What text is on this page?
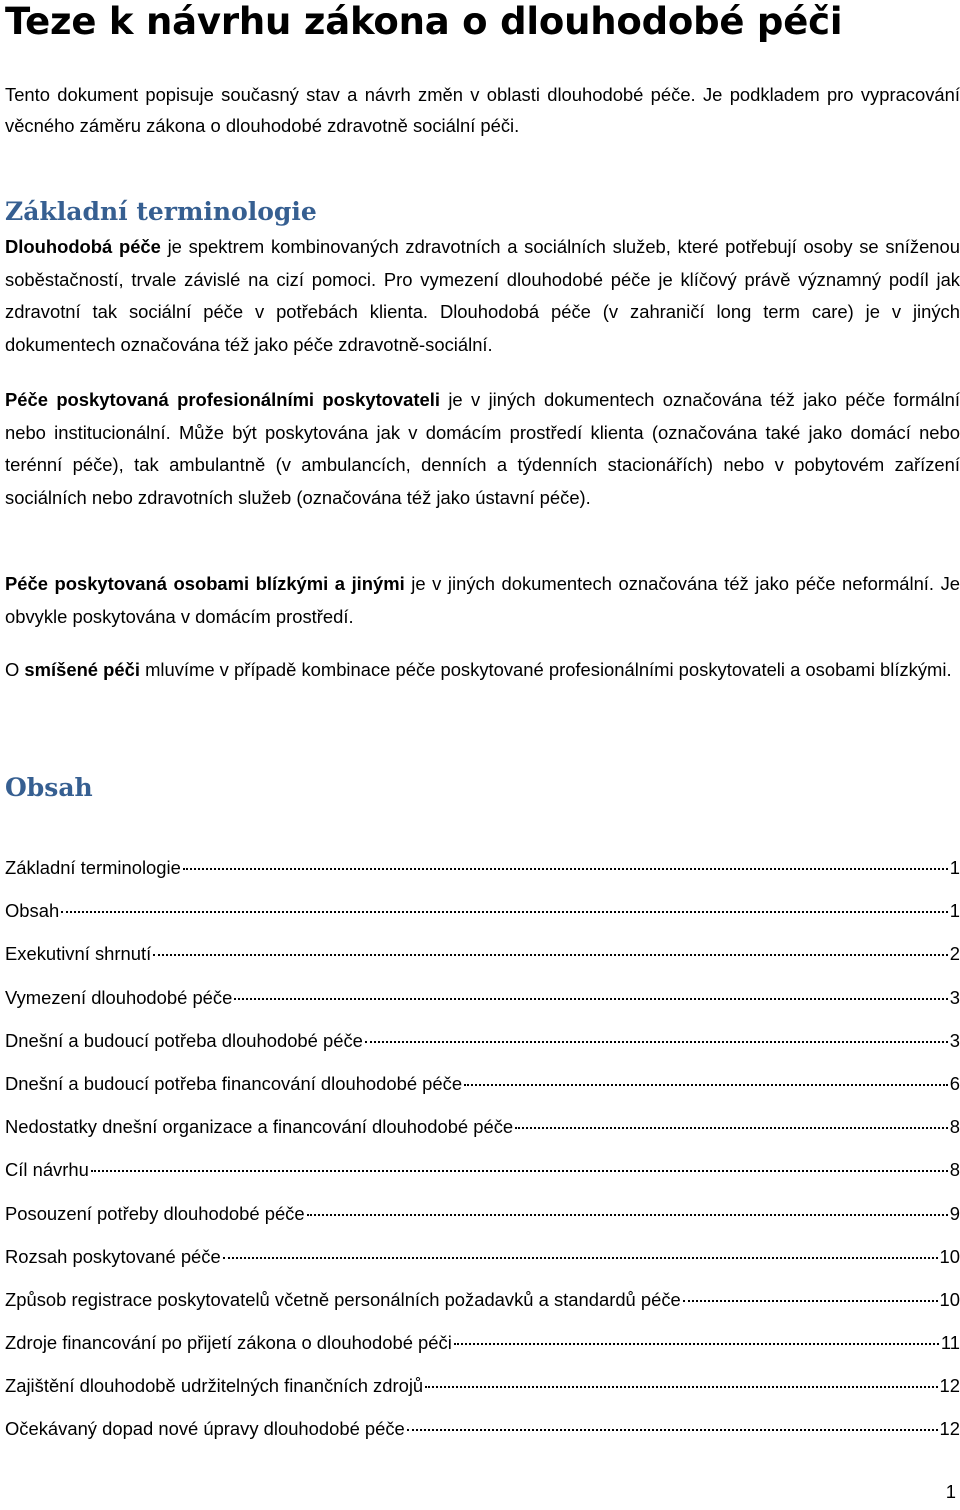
Teze k návrhu zákona o dlouhodobé péči

Tento dokument popisuje současný stav a návrh změn v oblasti dlouhodobé péče. Je podkladem pro vypracování věcného záměru zákona o dlouhodobé zdravotně sociální péči.

Základní terminologie

Dlouhodobá péče je spektrem kombinovaných zdravotních a sociálních služeb, které potřebují osoby se sníženou soběstačností, trvale závislé na cizí pomoci. Pro vymezení dlouhodobé péče je klíčový právě významný podíl jak zdravotní tak sociální péče v potřebách klienta. Dlouhodobá péče (v zahraničí long term care) je v jiných dokumentech označována též jako péče zdravotně-sociální.

Péče poskytovaná profesionálními poskytovateli je v jiných dokumentech označována též jako péče formální nebo institucionální. Může být poskytována jak v domácím prostředí klienta (označována také jako domácí nebo terénní péče), tak ambulantně (v ambulancích, denních a týdenních stacionářích) nebo v pobytovém zařízení sociálních nebo zdravotních služeb (označována též jako ústavní péče).

Péče poskytovaná osobami blízkými a jinými je v jiných dokumentech označována též jako péče neformální. Je obvykle poskytována v domácím prostředí.

O smíšené péči mluvíme v případě kombinace péče poskytované profesionálními poskytovateli a osobami blízkými.

Obsah
Základní terminologie	1
Obsah	1
Exekutivní shrnutí	2
Vymezení dlouhodobé péče	3
Dnešní a budoucí potřeba dlouhodobé péče	3
Dnešní a budoucí potřeba financování dlouhodobé péče	6
Nedostatky dnešní organizace a financování dlouhodobé péče	8
Cíl návrhu	8
Posouzení potřeby dlouhodobé péče	9
Rozsah poskytované péče	10
Způsob registrace poskytovatelů včetně personálních požadavků a standardů péče	10
Zdroje financování po přijetí zákona o dlouhodobé péči	11
Zajištění dlouhodobě udržitelných finančních zdrojů	12
Očekávaný dopad nové úpravy dlouhodobé péče	12
1
